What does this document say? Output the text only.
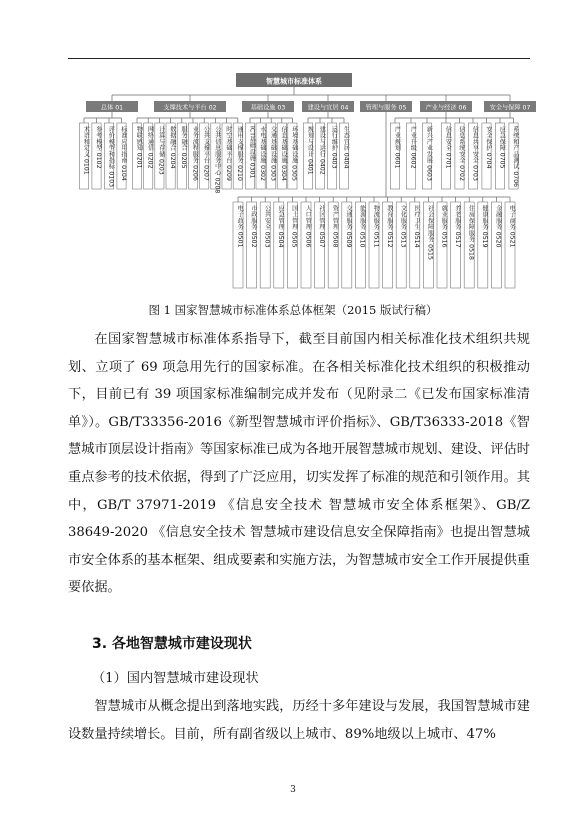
智慧城市标准体系
总体 01	支撑技术与平台 02	基础设施 03	建设与宜居 04	管理与服务 05	产业与经济 06	安全与保障 07
术语和定义 0101 参考模型 0102 评价模型和指标 0103 标准应用指南 0104 物联感知 0201 网络通信 0202 计算与存储 0203 数据融合 0204 服务融合 0205 业务流程服务 0206 公共支撑平台 0207 公共信息服务中心 0208 时空基础平台 0209 通用支撑服务 0210 ICT基础设施 0301 水电基础设施 0302 交通基础设施 0303 信息基础设施 0304 环境基础设施 0305 规划与设计 0401 建设与运行 0402 运行维护 0403 生态宜居 0404	产业规划 0601 产业升级 0602 新兴产业发展 0603 信息安全 0701 信息系统安全 0702 信息共享安全 0703 安全保护 0704 应急保障 0705 系统和产品测试 0706
电子政务 0501 市政服务 0502 公共安全 0503 应急管理 0504 国土管理 0505 人口管理 0506 社区管理 0507 资产管理 0508 交通服务 0509 能源服务 0510 物流服务 0511 教育服务 0512 文化服务 0513 医疗卫生 0514 社会保障服务 0515 就业服务 0516 养老服务 0517 住房保障服务 0518 健康服务 0519 金融服务 0520 电子商务 0521
图 1 国家智慧城市标准体系总体框架（2015 版试行稿）

在国家智慧城市标准体系指导下，截至目前国内相关标准化技术组织共规划、立项了 69 项急用先行的国家标准。在各相关标准化技术组织的积极推动下，目前已有 39 项国家标准编制完成并发布（见附录二《已发布国家标准清单》）。GB/T33356-2016《新型智慧城市评价指标》、GB/T36333-2018《智慧城市顶层设计指南》等国家标准已成为各地开展智慧城市规划、建设、评估时重点参考的技术依据，得到了广泛应用，切实发挥了标准的规范和引领作用。其中，GB/T 37971-2019 《信息安全技术 智慧城市安全体系框架》、GB/Z 38649-2020 《信息安全技术 智慧城市建设信息安全保障指南》也提出智慧城市安全体系的基本框架、组成要素和实施方法，为智慧城市安全工作开展提供重要依据。

3. 各地智慧城市建设现状
（1）国内智慧城市建设现状

智慧城市从概念提出到落地实践，历经十多年建设与发展，我国智慧城市建设数量持续增长。目前，所有副省级以上城市、89%地级以上城市、47%

3
